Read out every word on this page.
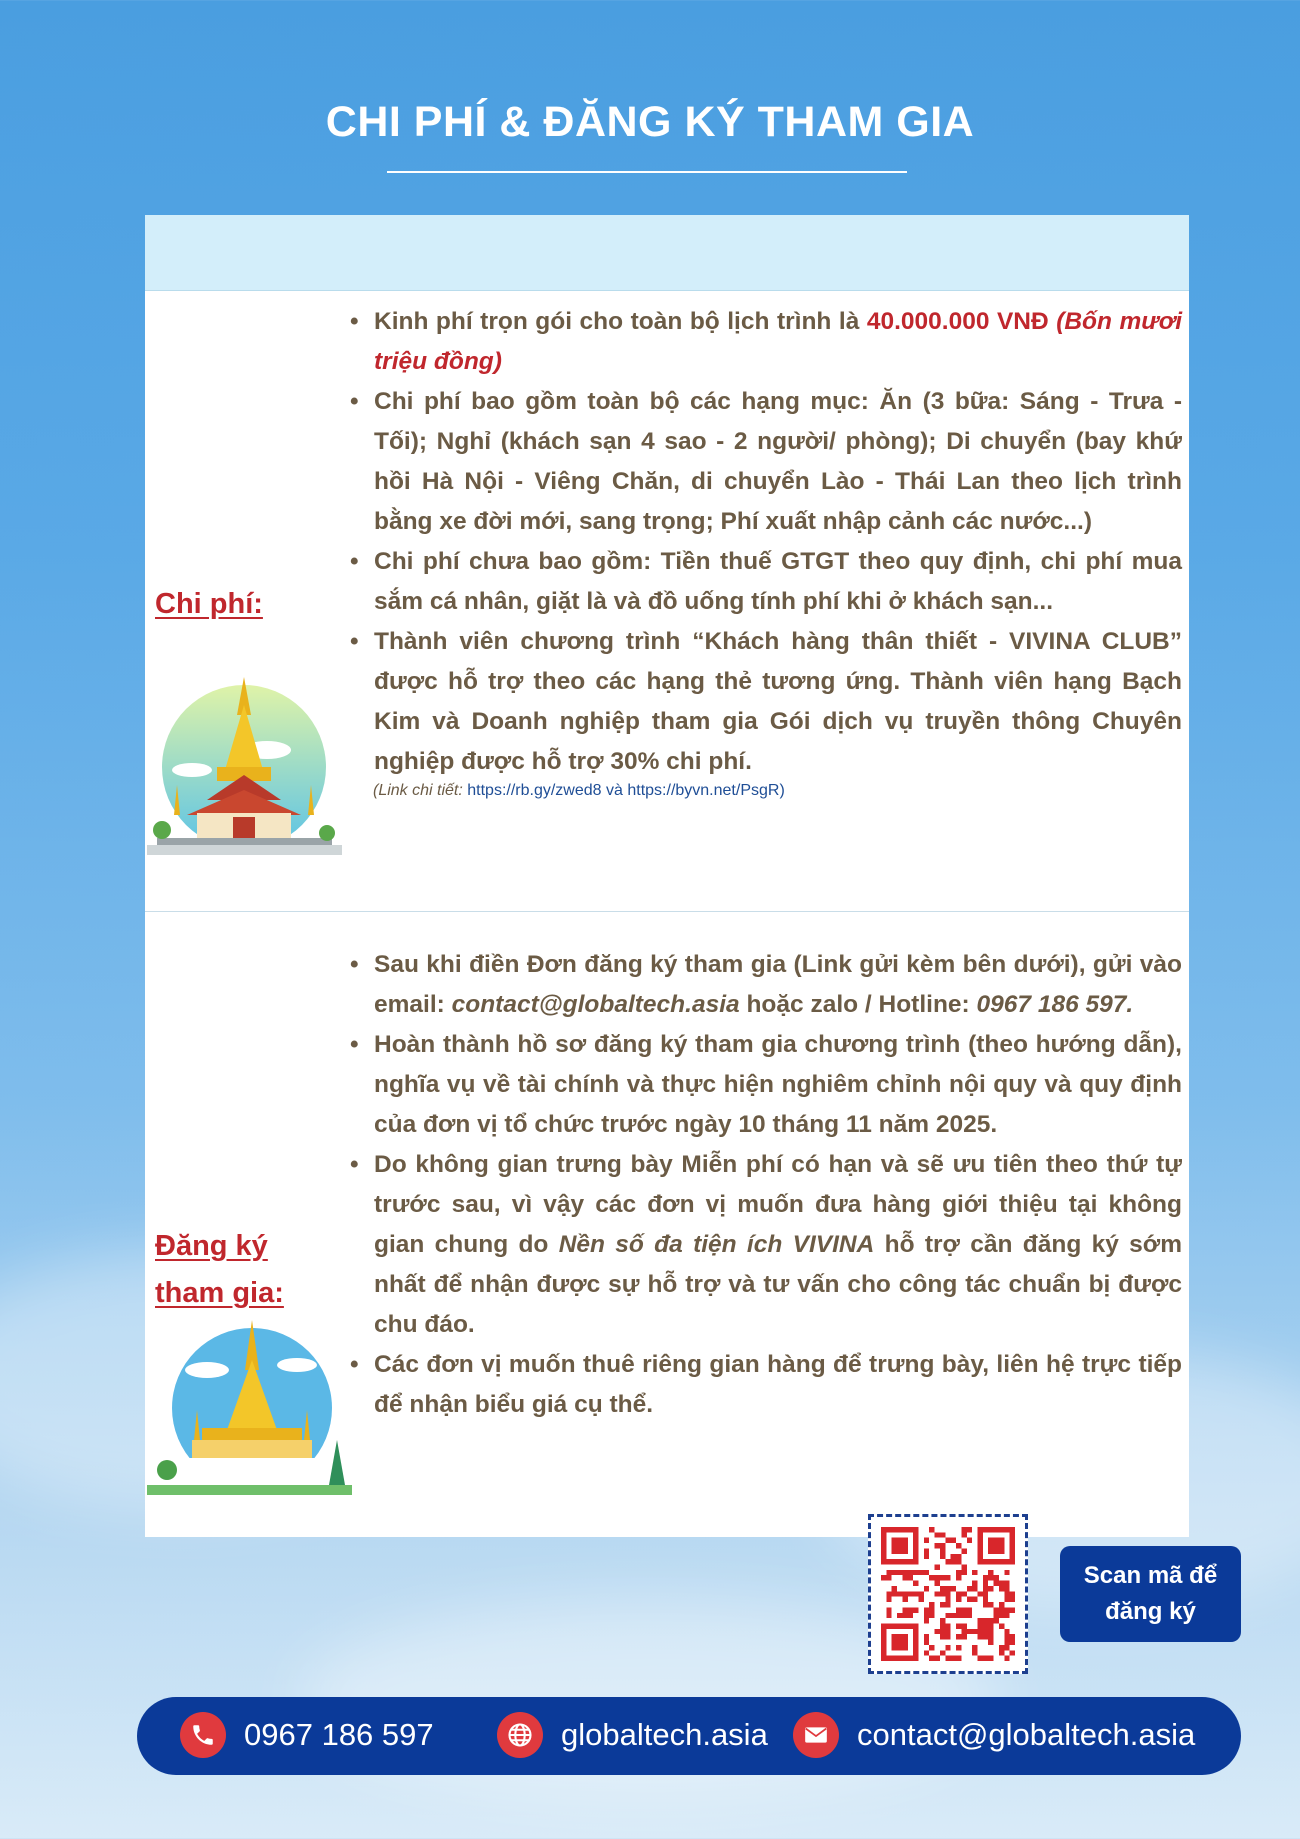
CHI PHÍ & ĐĂNG KÝ THAM GIA
Chi phí:
• Kinh phí trọn gói cho toàn bộ lịch trình là 40.000.000 VNĐ (Bốn mươi triệu đồng)
• Chi phí bao gồm toàn bộ các hạng mục: Ăn (3 bữa: Sáng - Trưa - Tối); Nghỉ (khách sạn 4 sao - 2 người/ phòng); Di chuyển (bay khứ hồi Hà Nội - Viêng Chăn, di chuyển Lào - Thái Lan theo lịch trình bằng xe đời mới, sang trọng; Phí xuất nhập cảnh các nước...)
• Chi phí chưa bao gồm: Tiền thuế GTGT theo quy định, chi phí mua sắm cá nhân, giặt là và đồ uống tính phí khi ở khách sạn...
• Thành viên chương trình “Khách hàng thân thiết - VIVINA CLUB” được hỗ trợ theo các hạng thẻ tương ứng. Thành viên hạng Bạch Kim và Doanh nghiệp tham gia Gói dịch vụ truyền thông Chuyên nghiệp được hỗ trợ 30% chi phí.
(Link chi tiết: https://rb.gy/zwed8 và https://byvn.net/PsgR)
Đăng ký
tham gia:
• Sau khi điền Đơn đăng ký tham gia (Link gửi kèm bên dưới), gửi vào email: contact@globaltech.asia hoặc zalo / Hotline: 0967 186 597.
• Hoàn thành hồ sơ đăng ký tham gia chương trình (theo hướng dẫn), nghĩa vụ về tài chính và thực hiện nghiêm chỉnh nội quy và quy định của đơn vị tổ chức trước ngày 10 tháng 11 năm 2025.
• Do không gian trưng bày Miễn phí có hạn và sẽ ưu tiên theo thứ tự trước sau, vì vậy các đơn vị muốn đưa hàng giới thiệu tại không gian chung do Nền số đa tiện ích VIVINA hỗ trợ cần đăng ký sớm nhất để nhận được sự hỗ trợ và tư vấn cho công tác chuẩn bị được chu đáo.
• Các đơn vị muốn thuê riêng gian hàng để trưng bày, liên hệ trực tiếp để nhận biểu giá cụ thể.
Scan mã để
đăng ký
0967 186 597	globaltech.asia	contact@globaltech.asia
